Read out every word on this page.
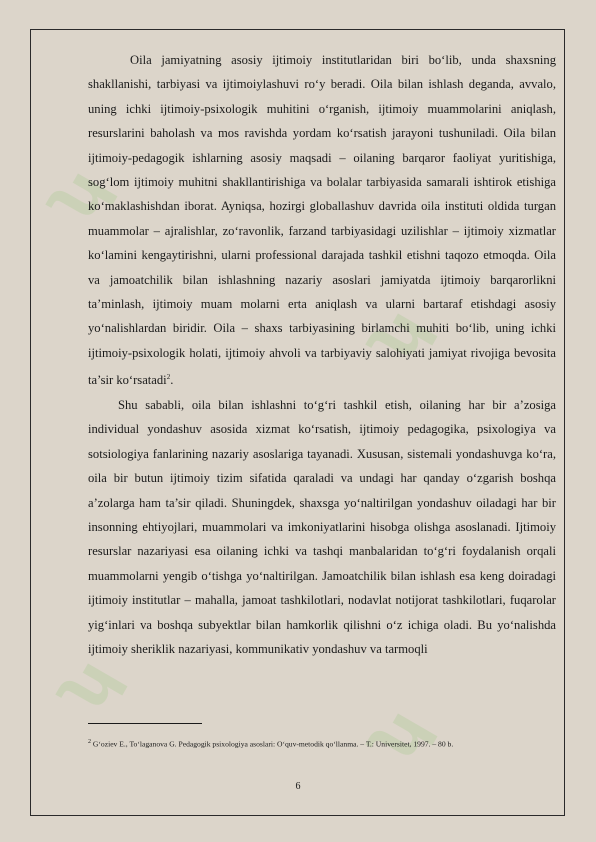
ʮ
ʮ
ʮ
ʮ

Oila jamiyatning asosiy ijtimoiy institutlaridan biri bo‘lib, unda shaxsning shakllanishi, tarbiyasi va ijtimoiylashuvi ro‘y beradi. Oila bilan ishlash deganda, avvalo, uning ichki ijtimoiy-psixologik muhitini o‘rganish, ijtimoiy muammolarini aniqlash, resurslarini baholash va mos ravishda yordam ko‘rsatish jarayoni tushuniladi. Oila bilan ijtimoiy-pedagogik ishlarning asosiy maqsadi – oilaning barqaror faoliyat yuritishiga, sog‘lom ijtimoiy muhitni shakllantirishiga va bolalar tarbiyasida samarali ishtirok etishiga ko‘maklashishdan iborat. Ayniqsa, hozirgi globallashuv davrida oila instituti oldida turgan muammolar – ajralishlar, zo‘ravonlik, farzand tarbiyasidagi uzilishlar – ijtimoiy xizmatlar ko‘lamini kengaytirishni, ularni professional darajada tashkil etishni taqozo etmoqda. Oila va jamoatchilik bilan ishlashning nazariy asoslari jamiyatda ijtimoiy barqarorlikni ta’minlash, ijtimoiy muam molarni erta aniqlash va ularni bartaraf etishdagi asosiy yo‘nalishlardan biridir. Oila – shaxs tarbiyasining birlamchi muhiti bo‘lib, uning ichki ijtimoiy-psixologik holati, ijtimoiy ahvoli va tarbiyaviy salohiyati jamiyat rivojiga bevosita ta’sir ko‘rsatadi$^2$.

Shu sababli, oila bilan ishlashni to‘g‘ri tashkil etish, oilaning har bir a’zosiga individual yondashuv asosida xizmat ko‘rsatish, ijtimoiy pedagogika, psixologiya va sotsiologiya fanlarining nazariy asoslariga tayanadi. Xususan, sistemali yondashuvga ko‘ra, oila bir butun ijtimoiy tizim sifatida qaraladi va undagi har qanday o‘zgarish boshqa a’zolarga ham ta’sir qiladi. Shuningdek, shaxsga yo‘naltirilgan yondashuv oiladagi har bir insonning ehtiyojlari, muammolari va imkoniyatlarini hisobga olishga asoslanadi. Ijtimoiy resurslar nazariyasi esa oilaning ichki va tashqi manbalaridan to‘g‘ri foydalanish orqali muammolarni yengib o‘tishga yo‘naltirilgan. Jamoatchilik bilan ishlash esa keng doiradagi ijtimoiy institutlar – mahalla, jamoat tashkilotlari, nodavlat notijorat tashkilotlari, fuqarolar yig‘inlari va boshqa subyektlar bilan hamkorlik qilishni o‘z ichiga oladi. Bu yo‘nalishda ijtimoiy sheriklik nazariyasi, kommunikativ yondashuv va tarmoqli

$^2$ G‘oziev E., To‘laganova G. Pedagogik psixologiya asoslari: O‘quv-metodik qo‘llanma. – T.: Universitet, 1997. – 80 b.
6
